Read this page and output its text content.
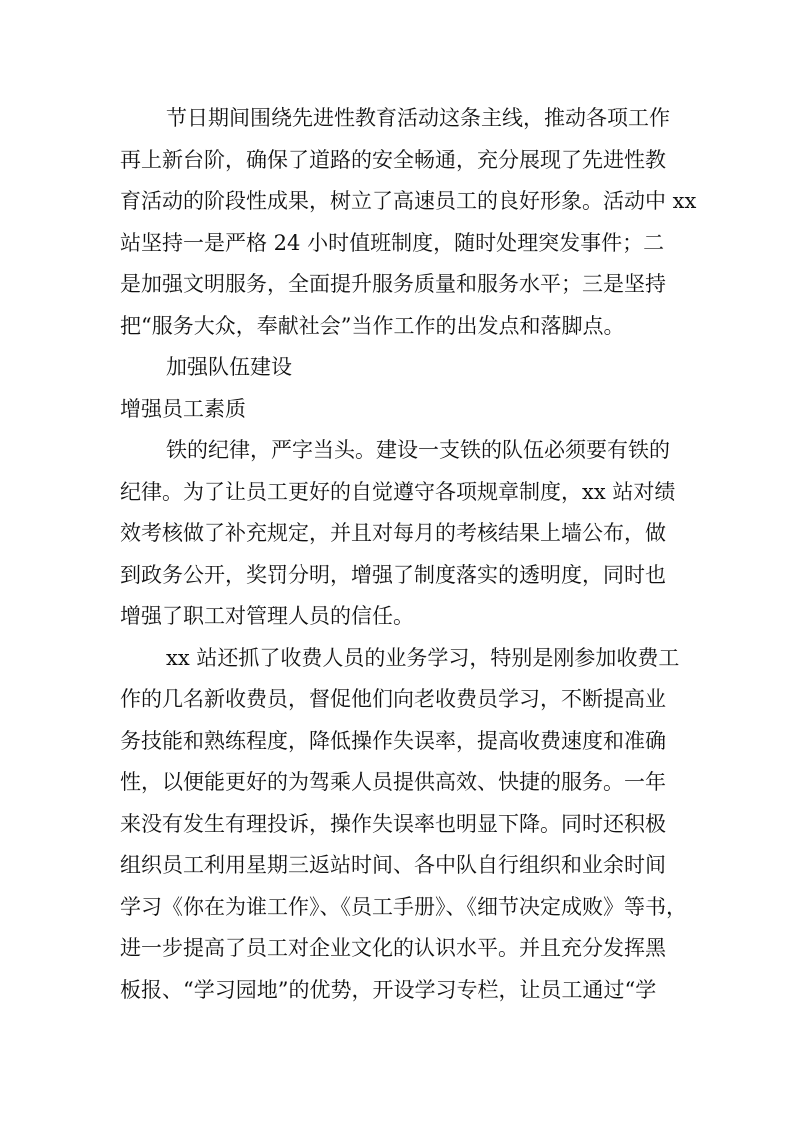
节日期间围绕先进性教育活动这条主线，推动各项工作
再上新台阶，确保了道路的安全畅通，充分展现了先进性教
育活动的阶段性成果，树立了高速员工的良好形象。活动中 xx
站坚持一是严格 24 小时值班制度，随时处理突发事件；二
是加强文明服务，全面提升服务质量和服务水平；三是坚持
把“服务大众，奉献社会”当作工作的出发点和落脚点。
加强队伍建设
增强员工素质
铁的纪律，严字当头。建设一支铁的队伍必须要有铁的
纪律。为了让员工更好的自觉遵守各项规章制度，xx 站对绩
效考核做了补充规定，并且对每月的考核结果上墙公布，做
到政务公开，奖罚分明，增强了制度落实的透明度，同时也
增强了职工对管理人员的信任。
xx 站还抓了收费人员的业务学习，特别是刚参加收费工
作的几名新收费员，督促他们向老收费员学习，不断提高业
务技能和熟练程度，降低操作失误率，提高收费速度和准确
性，以便能更好的为驾乘人员提供高效、快捷的服务。一年
来没有发生有理投诉，操作失误率也明显下降。同时还积极
组织员工利用星期三返站时间、各中队自行组织和业余时间
学习《你在为谁工作》、《员工手册》、《细节决定成败》等书，
进一步提高了员工对企业文化的认识水平。并且充分发挥黑
板报、“学习园地”的优势，开设学习专栏，让员工通过“学
